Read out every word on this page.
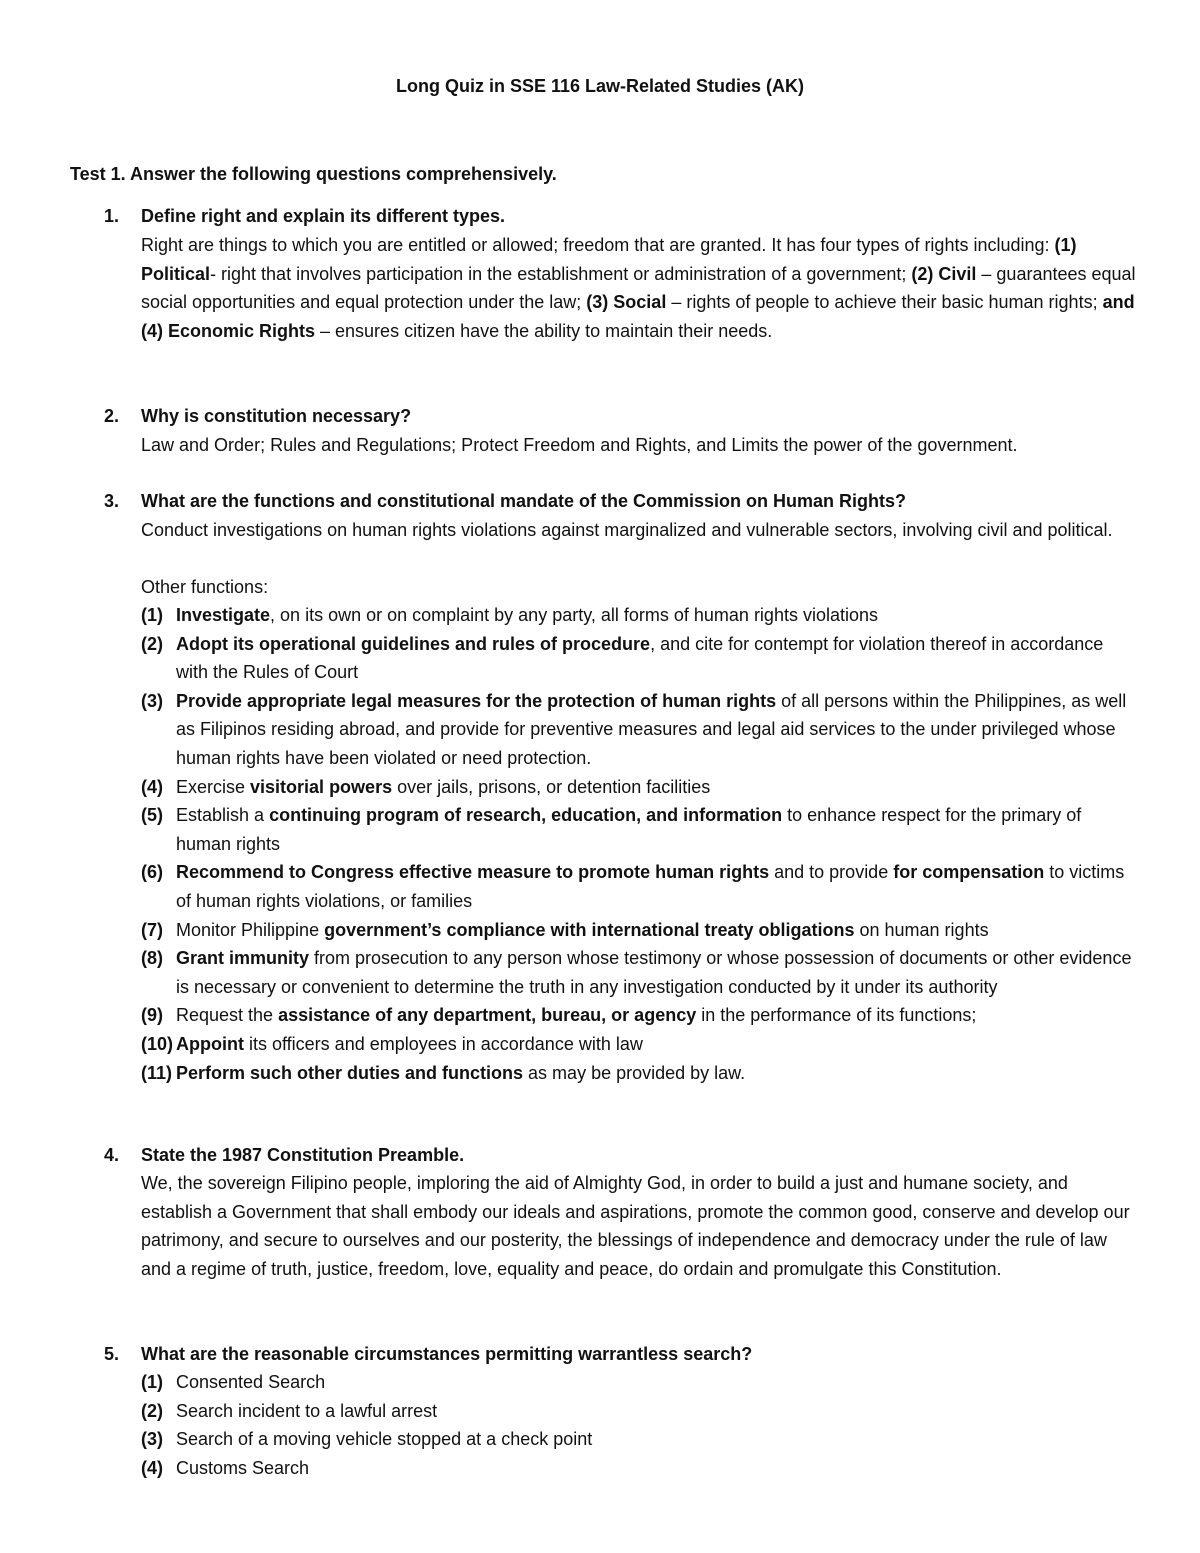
Long Quiz in SSE 116 Law-Related Studies (AK)
Test 1. Answer the following questions comprehensively.
1. Define right and explain its different types.
Right are things to which you are entitled or allowed; freedom that are granted. It has four types of rights including: (1) Political- right that involves participation in the establishment or administration of a government; (2) Civil – guarantees equal social opportunities and equal protection under the law; (3) Social – rights of people to achieve their basic human rights; and (4) Economic Rights – ensures citizen have the ability to maintain their needs.
2. Why is constitution necessary?
Law and Order; Rules and Regulations; Protect Freedom and Rights, and Limits the power of the government.
3. What are the functions and constitutional mandate of the Commission on Human Rights?
Conduct investigations on human rights violations against marginalized and vulnerable sectors, involving civil and political.
Other functions:
(1) Investigate, on its own or on complaint by any party, all forms of human rights violations
(2) Adopt its operational guidelines and rules of procedure, and cite for contempt for violation thereof in accordance with the Rules of Court
(3) Provide appropriate legal measures for the protection of human rights of all persons within the Philippines, as well as Filipinos residing abroad, and provide for preventive measures and legal aid services to the under privileged whose human rights have been violated or need protection.
(4) Exercise visitorial powers over jails, prisons, or detention facilities
(5) Establish a continuing program of research, education, and information to enhance respect for the primary of human rights
(6) Recommend to Congress effective measure to promote human rights and to provide for compensation to victims of human rights violations, or families
(7) Monitor Philippine government’s compliance with international treaty obligations on human rights
(8) Grant immunity from prosecution to any person whose testimony or whose possession of documents or other evidence is necessary or convenient to determine the truth in any investigation conducted by it under its authority
(9) Request the assistance of any department, bureau, or agency in the performance of its functions;
(10) Appoint its officers and employees in accordance with law
(11) Perform such other duties and functions as may be provided by law.
4. State the 1987 Constitution Preamble.
We, the sovereign Filipino people, imploring the aid of Almighty God, in order to build a just and humane society, and establish a Government that shall embody our ideals and aspirations, promote the common good, conserve and develop our patrimony, and secure to ourselves and our posterity, the blessings of independence and democracy under the rule of law and a regime of truth, justice, freedom, love, equality and peace, do ordain and promulgate this Constitution.
5. What are the reasonable circumstances permitting warrantless search?
(1) Consented Search
(2) Search incident to a lawful arrest
(3) Search of a moving vehicle stopped at a check point
(4) Customs Search
